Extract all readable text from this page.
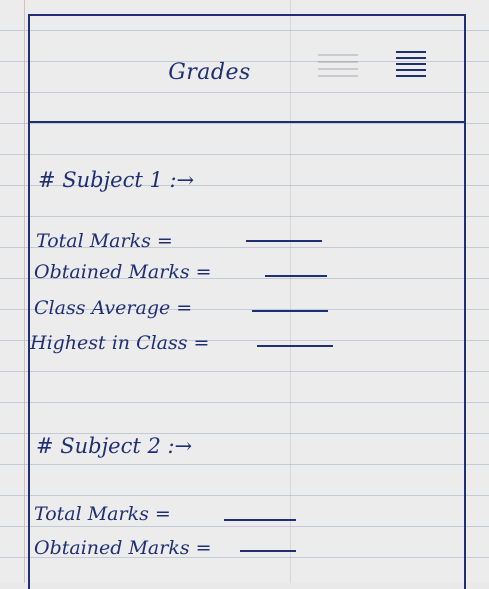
Grades
# Subject 1 :→
Total Marks =
Obtained Marks =
Class Average =
Highest in Class =
# Subject 2 :→
Total Marks =
Obtained Marks =
